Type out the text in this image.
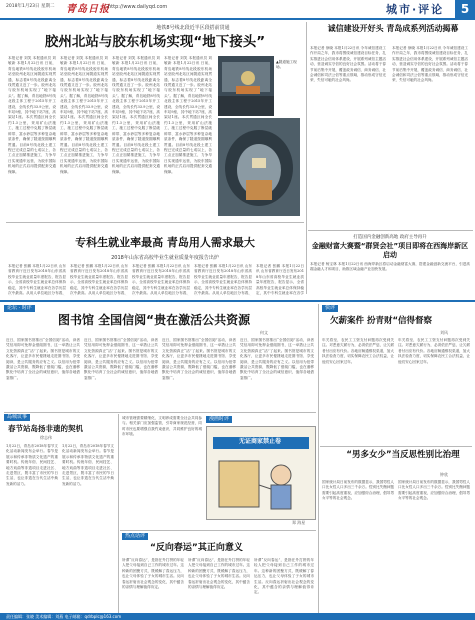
2018年1月23日 星期二 青岛日报
http://www.dailyqd.com	城市·评论	5
地铁8号线北段近半区段搭前贯通
胶州北站与胶东机场实现“地下接头”
本报记者 刘笑 本报通讯员 刘敏新 本报1月22日讯 日前，青岛地铁8号线北段胶东机场站至胶州北站区间隧道实现贯通，标志着8号线北段距离全线贯通又近了一步。胶州北站与胶东机场实现了“地下接头”。据了解，青岛地铁8号线北段主体工程于2015年开工建设，全线长约33.9公里，设车站9座，其中地下站7座，高架站1座。本次贯通区间全长约1.3公里，采用矿山法施工，施工过程中克服了断层破碎带、富水砂层等多种复杂地质条件，确保了隧道按期顺利贯通。目前8号线北段土建工程已完成总量的七成以上，各工点正加紧推进施工，力争早日实现通车运营，为胶东国际机场的正式启用提供配套交通保障。
本报记者 刘笑 本报通讯员 刘敏新 本报1月22日讯 日前，青岛地铁8号线北段胶东机场站至胶州北站区间隧道实现贯通，标志着8号线北段距离全线贯通又近了一步。胶州北站与胶东机场实现了“地下接头”。据了解，青岛地铁8号线北段主体工程于2015年开工建设，全线长约33.9公里，设车站9座，其中地下站7座，高架站1座。本次贯通区间全长约1.3公里，采用矿山法施工，施工过程中克服了断层破碎带、富水砂层等多种复杂地质条件，确保了隧道按期顺利贯通。目前8号线北段土建工程已完成总量的七成以上，各工点正加紧推进施工，力争早日实现通车运营，为胶东国际机场的正式启用提供配套交通保障。
本报记者 刘笑 本报通讯员 刘敏新 本报1月22日讯 日前，青岛地铁8号线北段胶东机场站至胶州北站区间隧道实现贯通，标志着8号线北段距离全线贯通又近了一步。胶州北站与胶东机场实现了“地下接头”。据了解，青岛地铁8号线北段主体工程于2015年开工建设，全线长约33.9公里，设车站9座，其中地下站7座，高架站1座。本次贯通区间全长约1.3公里，采用矿山法施工，施工过程中克服了断层破碎带、富水砂层等多种复杂地质条件，确保了隧道按期顺利贯通。目前8号线北段土建工程已完成总量的七成以上，各工点正加紧推进施工，力争早日实现通车运营，为胶东国际机场的正式启用提供配套交通保障。
本报记者 刘笑 本报通讯员 刘敏新 本报1月22日讯 日前，青岛地铁8号线北段胶东机场站至胶州北站区间隧道实现贯通，标志着8号线北段距离全线贯通又近了一步。胶州北站与胶东机场实现了“地下接头”。据了解，青岛地铁8号线北段主体工程于2015年开工建设，全线长约33.9公里，设车站9座，其中地下站7座，高架站1座。本次贯通区间全长约1.3公里，采用矿山法施工，施工过程中克服了断层破碎带、富水砂层等多种复杂地质条件，确保了隧道按期顺利贯通。目前8号线北段土建工程已完成总量的七成以上，各工点正加紧推进施工，力争早日实现通车运营，为胶东国际机场的正式启用提供配套交通保障。
▲隧道施工现场。
诚信建设开好头 青岛成系列活动揭幕
本报记者 徐晓 本报1月22日讯 今年诚信建设工作开局之年，我市将围绕诚信建设目标任务，扎实推进社会信用体系建设，开展系列诚信主题活动，营造诚实守信的良好社会氛围。活动将于春节前后集中开展，覆盖政务诚信、商务诚信、社会诚信和司法公信等重点领域，推动形成守信光荣、失信可耻的社会风尚。
本报记者 徐晓 本报1月22日讯 今年诚信建设工作开局之年，我市将围绕诚信建设目标任务，扎实推进社会信用体系建设，开展系列诚信主题活动，营造诚实守信的良好社会氛围。活动将于春节前后集中开展，覆盖政务诚信、商务诚信、社会诚信和司法公信等重点领域，推动形成守信光荣、失信可耻的社会风尚。
打造国内金融创新高地 政府主导再升
金融财富大赛暨“群贤会社”项目即将在西海岸新区启动
本报记者 杨宝林 本报1月22日讯 西海岸新区将启动金融财富大赛，搭建金融创新交流平台，引进高端金融人才和项目，助推区域金融产业加快发展。
专科生就业率最高 青岛用人需求最大
2018年山东省高校毕业生就业质量年度报告出炉
本报记者 张鹏 本报1月22日讯 山东省教育厅近日发布2018年山东省高校毕业生就业质量年度报告，报告显示，全省高校毕业生就业率总体保持稳定，其中专科生就业率在各学历层次中最高。从用人单位地区分布看，
本报记者 张鹏 本报1月22日讯 山东省教育厅近日发布2018年山东省高校毕业生就业质量年度报告，报告显示，全省高校毕业生就业率总体保持稳定，其中专科生就业率在各学历层次中最高。从用人单位地区分布看，
本报记者 张鹏 本报1月22日讯 山东省教育厅近日发布2018年山东省高校毕业生就业质量年度报告，报告显示，全省高校毕业生就业率总体保持稳定，其中专科生就业率在各学历层次中最高。从用人单位地区分布看，
本报记者 张鹏 本报1月22日讯 山东省教育厅近日发布2018年山东省高校毕业生就业质量年度报告，报告显示，全省高校毕业生就业率总体保持稳定，其中专科生就业率在各学历层次中最高。从用人单位地区分布看，
本报记者 张鹏 本报1月22日讯 山东省教育厅近日发布2018年山东省高校毕业生就业质量年度报告，报告显示，全省高校毕业生就业率总体保持稳定，其中专科生就业率在各学
论坛 · 时评
图书馆 全国信阅“贵在激活公共资源
何文
近日，国家图书馆推出“全国信阅”活动，读者凭信用即可免押金借阅图书，这一举措让公共文化资源真正“活”了起来。图书馆是城市的文化客厅，让更多市民便捷地走进图书馆、享受阅读，是公共服务的应有之义。以信用为纽带激活公共资源，既降低了借阅门槛，也在潜移默化中培育了全社会的诚信意识，值得各地借鉴推广。
近日，国家图书馆推出“全国信阅”活动，读者凭信用即可免押金借阅图书，这一举措让公共文化资源真正“活”了起来。图书馆是城市的文化客厅，让更多市民便捷地走进图书馆、享受阅读，是公共服务的应有之义。以信用为纽带激活公共资源，既降低了借阅门槛，也在潜移默化中培育了全社会的诚信意识，值得各地借鉴推广。
近日，国家图书馆推出“全国信阅”活动，读者凭信用即可免押金借阅图书，这一举措让公共文化资源真正“活”了起来。图书馆是城市的文化客厅，让更多市民便捷地走进图书馆、享受阅读，是公共服务的应有之义。以信用为纽带激活公共资源，既降低了借阅门槛，也在潜移默化中培育了全社会的诚信意识，值得各地借鉴推广。
近日，国家图书馆推出“全国信阅”活动，读者凭信用即可免押金借阅图书，这一举措让公共文化资源真正“活”了起来。图书馆是城市的文化客厅，让更多市民便捷地走进图书馆、享受阅读，是公共服务的应有之义。以信用为纽带激活公共资源，既降低了借阅门槛，也在潜移默化中培育了全社会的诚信意识，值得各地借鉴推广。
岛城议事
春节站岛扬非遗的契机
徐志伟
1月22日，青岛市2018年春节文化活动新闻发布会举行。春节是展示和传承非物质文化遗产的重要时机。传统年俗、民间技艺、地方戏曲等非遗项目走进社区、走进景区，既丰富了市民的节日生活，也让非遗在当代生活中焕发新的活力。
1月22日，青岛市2018年春节文化活动新闻发布会举行。春节是展示和传承非物质文化遗产的重要时机。传统年俗、民间技艺、地方戏曲等非遗项目走进社区、走进景区，既丰富了市民的节日生活，也让非遗在当代生活中焕发新的活力。
城市管理需要精细化，文明养成需要全社会共同参与。相关部门应加强监管，引导商家规范经营，同时市民也要增强自我约束意识，共同维护良好的城市环境。
漫画时评
无证商家禁止卷
郑 海星
热点话评
“反向春运”其正向意义
所谓“反向春运”，是指在外打拼的年轻人把父母接到自己工作的城市过年。这种新的团聚方式，既缓解了春运压力，也让父母体验了子女的城市生活。反向春运折射出社会观念的变化，其中蕴含的亲情与理解值得肯定。
所谓“反向春运”，是指在外打拼的年轻人把父母接到自己工作的城市过年。这种新的团聚方式，既缓解了春运压力，也让父母体验了子女的城市生活。反向春运折射出社会观念的变化，其中蕴含的亲情与理解值得肯定。
所谓“反向春运”，是指在外打拼的年轻人把父母接到自己工作的城市过年。这种新的团聚方式，既缓解了春运压力，也让父母体验了子女的城市生活。反向春运折射出社会观念的变化，其中蕴含的亲情与理解值得肯定。
快评
欠薪案件 扮青财“信得督察
刘风
年关将至，农民工工资支付问题再次受到关注。对恶意欠薪行为，必须依法严惩，让欠薪者付出应有代价。各地应畅通维权渠道，加大执法检查力度，切实保障农民工合法权益，让他们安心回家过年。
年关将至，农民工工资支付问题再次受到关注。对恶意欠薪行为，必须依法严惩，让欠薪者付出应有代价。各地应畅通维权渠道，加大执法检查力度，切实保障农民工合法权益，让他们安心回家过年。
“男多女少”当反思性别比治理
钟欣
国家统计局日前发布的数据显示，我国男性人口比女性人口多出三千余万。性别比失衡问题需要引起高度重视，应加强综合治理，倡导男女平等的社会观念。
国家统计局日前发布的数据显示，我国男性人口比女性人口多出三千余万。性别比失衡问题需要引起高度重视，应加强综合治理，倡导男女平等的社会观念。
责任编辑：张晓 美术编辑：刘燕 电子邮箱：qdrbplc@163.com
